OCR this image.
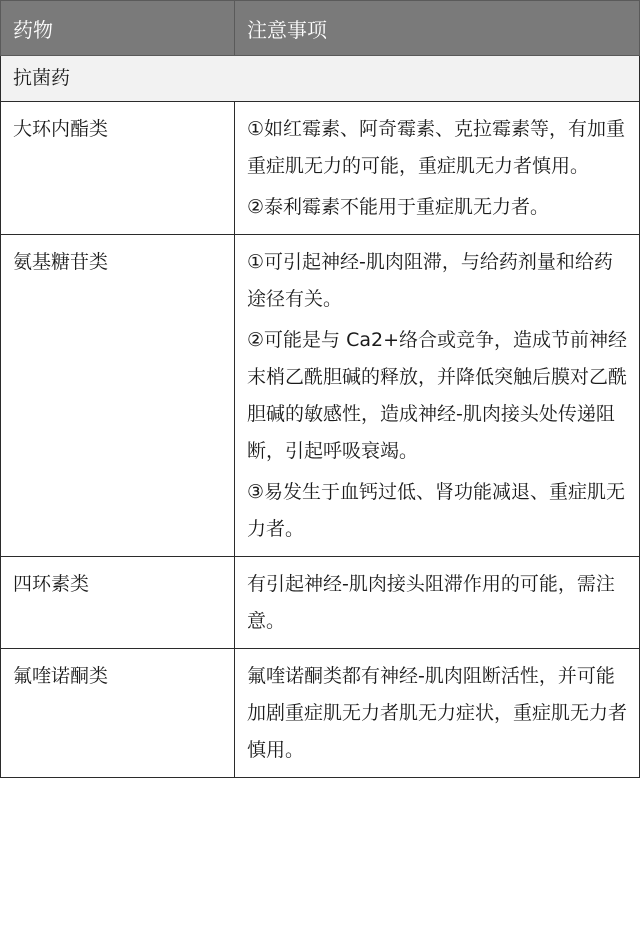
药物	注意事项
抗菌药	
大环内酯类	①如红霉素、阿奇霉素、克拉霉素等，有加重重症肌无力的可能，重症肌无力者慎用。

②泰利霉素不能用于重症肌无力者。

氨基糖苷类	①可引起神经-肌肉阻滞，与给药剂量和给药途径有关。

②可能是与 Ca2+络合或竞争，造成节前神经末梢乙酰胆碱的释放，并降低突触后膜对乙酰胆碱的敏感性，造成神经-肌肉接头处传递阻断，引起呼吸衰竭。

③易发生于血钙过低、肾功能减退、重症肌无力者。

四环素类	有引起神经-肌肉接头阻滞作用的可能，需注意。

氟喹诺酮类	氟喹诺酮类都有神经-肌肉阻断活性，并可能加剧重症肌无力者肌无力症状，重症肌无力者慎用。
